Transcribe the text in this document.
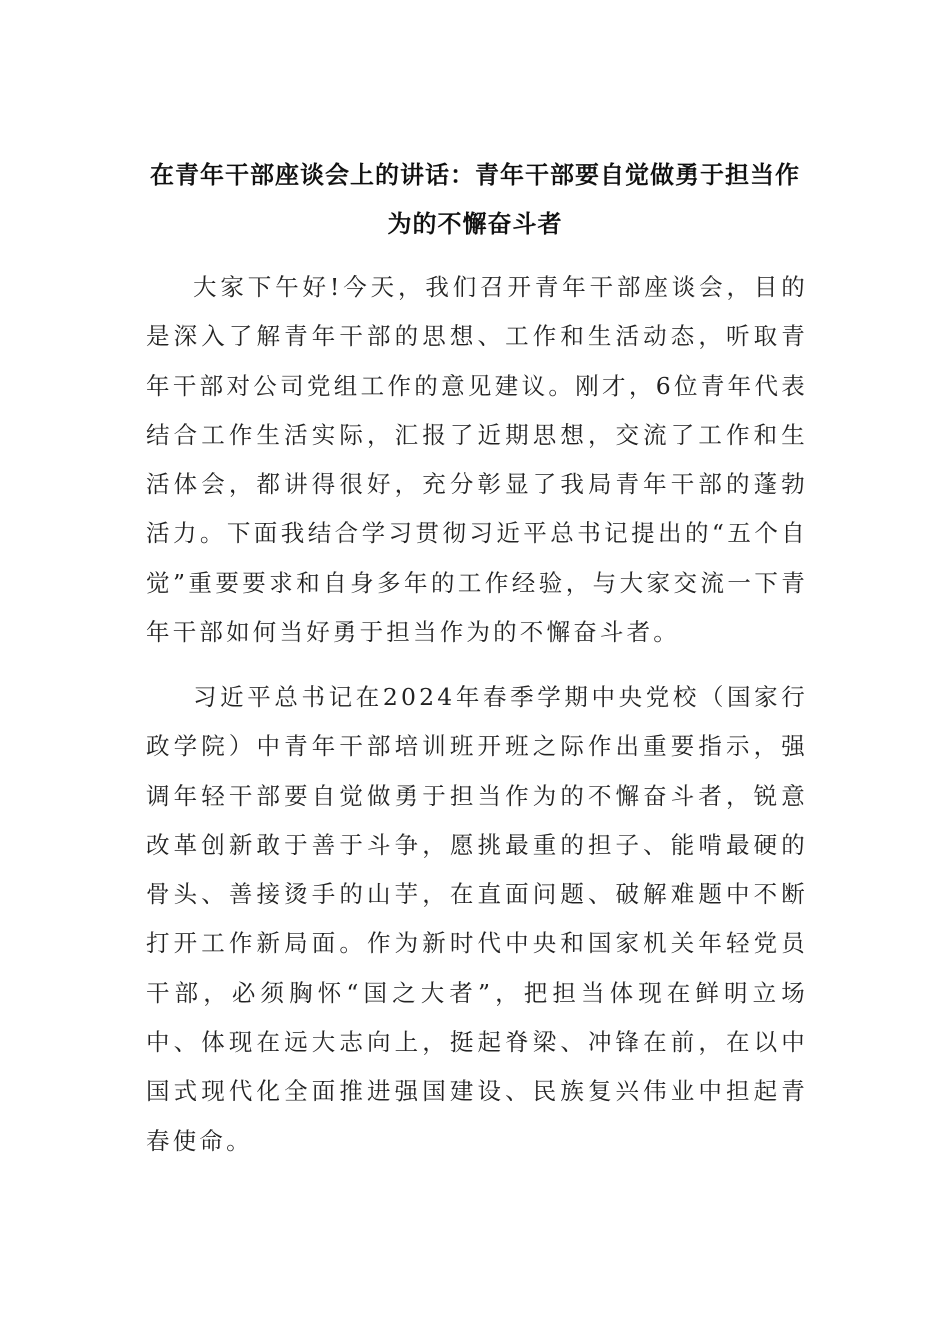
在青年干部座谈会上的讲话：青年干部要自觉做勇于担当作为的不懈奋斗者

大家下午好!今天，我们召开青年干部座谈会，目的是深入了解青年干部的思想、工作和生活动态，听取青年干部对公司党组工作的意见建议。刚才，6位青年代表结合工作生活实际，汇报了近期思想，交流了工作和生活体会，都讲得很好，充分彰显了我局青年干部的蓬勃活力。下面我结合学习贯彻习近平总书记提出的“五个自觉”重要要求和自身多年的工作经验，与大家交流一下青年干部如何当好勇于担当作为的不懈奋斗者。

习近平总书记在2024年春季学期中央党校（国家行政学院）中青年干部培训班开班之际作出重要指示，强调年轻干部要自觉做勇于担当作为的不懈奋斗者，锐意改革创新敢于善于斗争，愿挑最重的担子、能啃最硬的骨头、善接烫手的山芋，在直面问题、破解难题中不断打开工作新局面。作为新时代中央和国家机关年轻党员干部，必须胸怀“国之大者”，把担当体现在鲜明立场中、体现在远大志向上，挺起脊梁、冲锋在前，在以中国式现代化全面推进强国建设、民族复兴伟业中担起青春使命。
